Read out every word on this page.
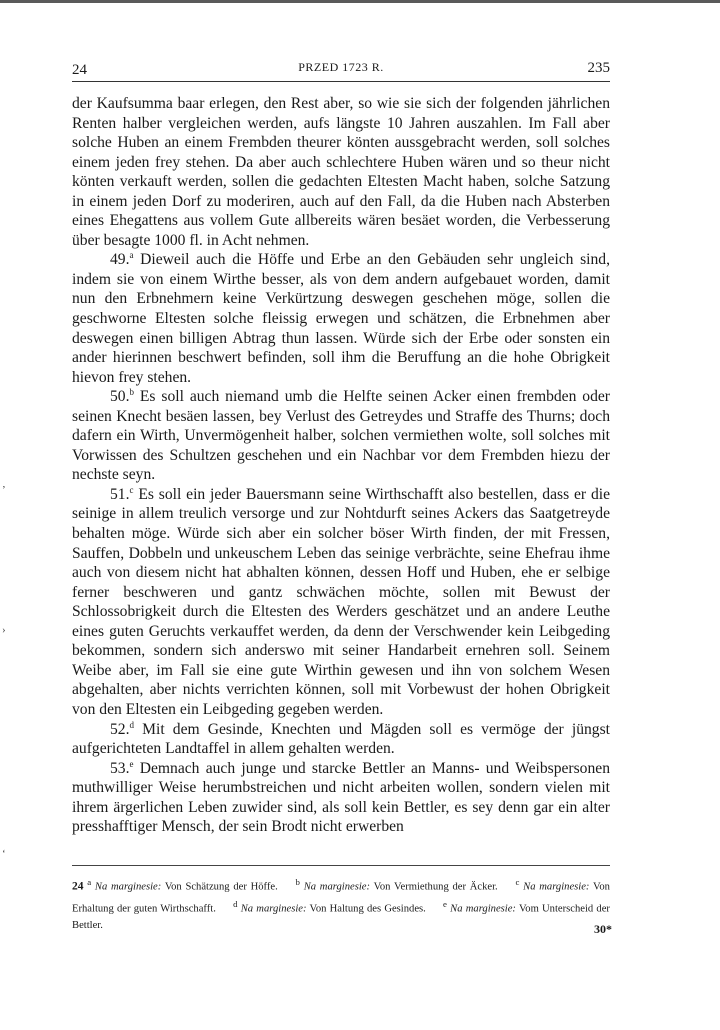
24	PRZED 1723 R.	235

der Kaufsumma baar erlegen, den Rest aber, so wie sie sich der folgenden jährlichen Renten halber vergleichen werden, aufs längste 10 Jahren auszahlen. Im Fall aber solche Huben an einem Frembden theurer könten aussgebracht werden, soll solches einem jeden frey stehen. Da aber auch schlechtere Huben wären und so theur nicht könten verkauft werden, sollen die gedachten Eltesten Macht haben, solche Satzung in einem jeden Dorf zu moderiren, auch auf den Fall, da die Huben nach Absterben eines Ehegattens aus vollem Gute allbereits wären besäet worden, die Verbesserung über besagte 1000 fl. in Acht nehmen.

49.$^a$ Dieweil auch die Höffe und Erbe an den Gebäuden sehr ungleich sind, indem sie von einem Wirthe besser, als von dem andern aufgebauet worden, damit nun den Erbnehmern keine Verkürtzung deswegen geschehen möge, sollen die geschworne Eltesten solche fleissig erwegen und schätzen, die Erbnehmen aber deswegen einen billigen Abtrag thun lassen. Würde sich der Erbe oder sonsten ein ander hierinnen beschwert befinden, soll ihm die Beruffung an die hohe Obrigkeit hievon frey stehen.

50.$^b$ Es soll auch niemand umb die Helfte seinen Acker einen frembden oder seinen Knecht besäen lassen, bey Verlust des Getreydes und Straffe des Thurns; doch dafern ein Wirth, Unvermögenheit halber, solchen vermiethen wolte, soll solches mit Vorwissen des Schultzen geschehen und ein Nachbar vor dem Frembden hiezu der nechste seyn.

51.$^c$ Es soll ein jeder Bauersmann seine Wirthschafft also bestellen, dass er die seinige in allem treulich versorge und zur Nohtdurft seines Ackers das Saatgetreyde behalten möge. Würde sich aber ein solcher böser Wirth finden, der mit Fressen, Sauffen, Dobbeln und unkeuschem Leben das seinige verbrächte, seine Ehefrau ihme auch von diesem nicht hat abhalten können, dessen Hoff und Huben, ehe er selbige ferner beschweren und gantz schwächen möchte, sollen mit Bewust der Schlossobrigkeit durch die Eltesten des Werders geschätzet und an andere Leuthe eines guten Geruchts verkauffet werden, da denn der Verschwender kein Leibgeding bekommen, sondern sich anderswo mit seiner Handarbeit ernehren soll. Seinem Weibe aber, im Fall sie eine gute Wirthin gewesen und ihn von solchem Wesen abgehalten, aber nichts verrichten können, soll mit Vorbewust der hohen Obrigkeit von den Eltesten ein Leibgeding gegeben werden.

52.$^d$ Mit dem Gesinde, Knechten und Mägden soll es vermöge der jüngst aufgerichteten Landtaffel in allem gehalten werden.

53.$^e$ Demnach auch junge und starcke Bettler an Manns- und Weibspersonen muthwilliger Weise herumbstreichen und nicht arbeiten wollen, sondern vielen mit ihrem ärgerlichen Leben zuwider sind, als soll kein Bettler, es sey denn gar ein alter presshafftiger Mensch, der sein Brodt nicht erwerben

24 $^a$ Na marginesie: Von Schätzung der Höffe. $^b$ Na marginesie: Von Vermiethung der Äcker. $^c$ Na marginesie: Von Erhaltung der guten Wirthschafft. $^d$ Na marginesie: Von Haltung des Gesindes. $^e$ Na marginesie: Vom Unterscheid der Bettler.	30*
ʼ
›
ʻ
